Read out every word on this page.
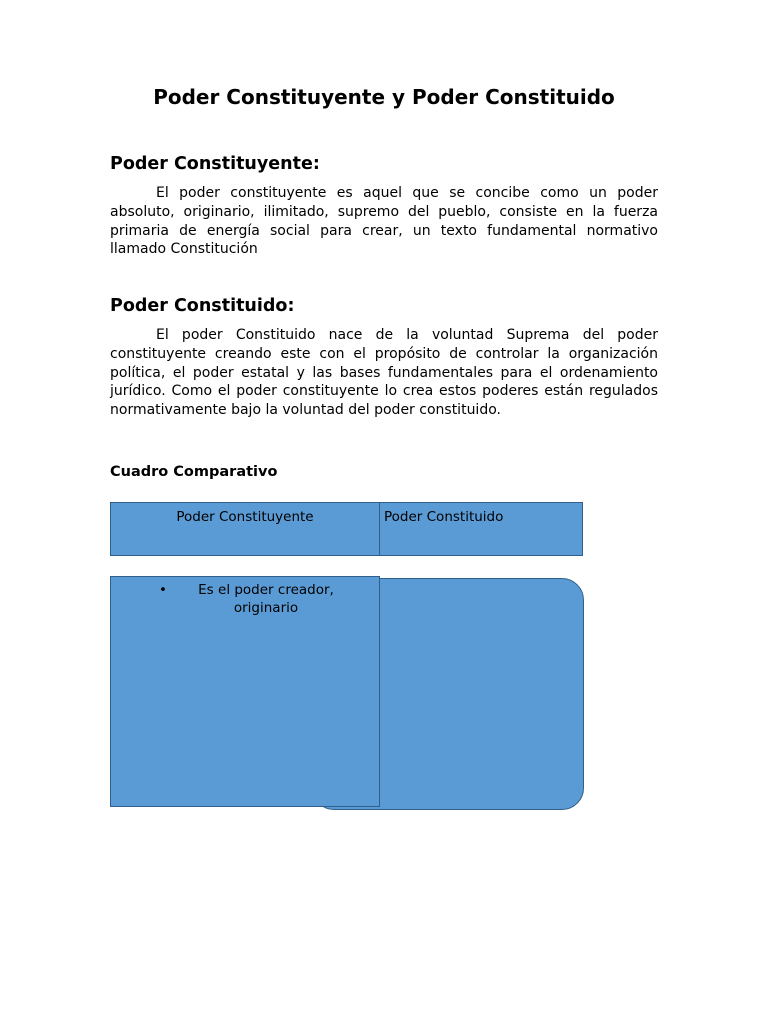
Poder Constituyente y Poder Constituido
Poder Constituyente:

El poder constituyente es aquel que se concibe como un poder absoluto, originario, ilimitado, supremo del pueblo, consiste en la fuerza primaria de energía social para crear, un texto fundamental normativo llamado Constitución

Poder Constituido:

El poder Constituido nace de la voluntad Suprema del poder constituyente creando este con el propósito de controlar la organización política, el poder estatal y las bases fundamentales para el ordenamiento jurídico. Como el poder constituyente lo crea estos poderes están regulados normativamente bajo la voluntad del poder constituido.

Cuadro Comparativo
Poder Constituyente	Poder Constituido
•	Es el poder creador, originario
